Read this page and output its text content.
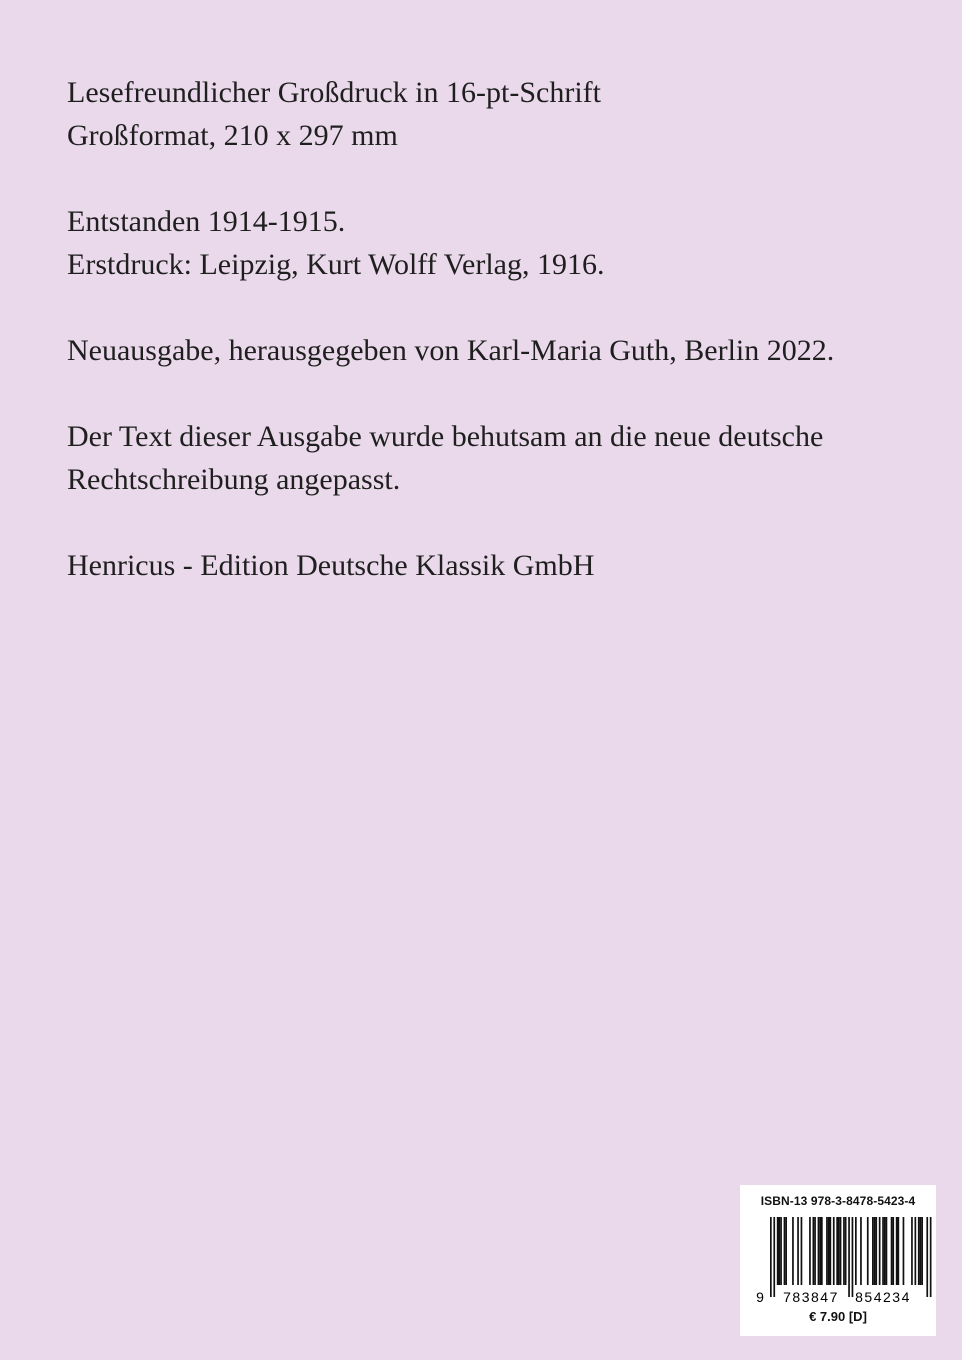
Lesefreundlicher Großdruck in 16-pt-Schrift
Großformat, 210 x 297 mm

Entstanden 1914-1915.
Erstdruck: Leipzig, Kurt Wolff Verlag, 1916.

Neuausgabe, herausgegeben von Karl-Maria Guth, Berlin 2022.

Der Text dieser Ausgabe wurde behutsam an die neue deutsche
Rechtschreibung angepasst.

Henricus - Edition Deutsche Klassik GmbH

ISBN-13 978-3-8478-5423-4
9 783847 854234
€ 7.90 [D]
